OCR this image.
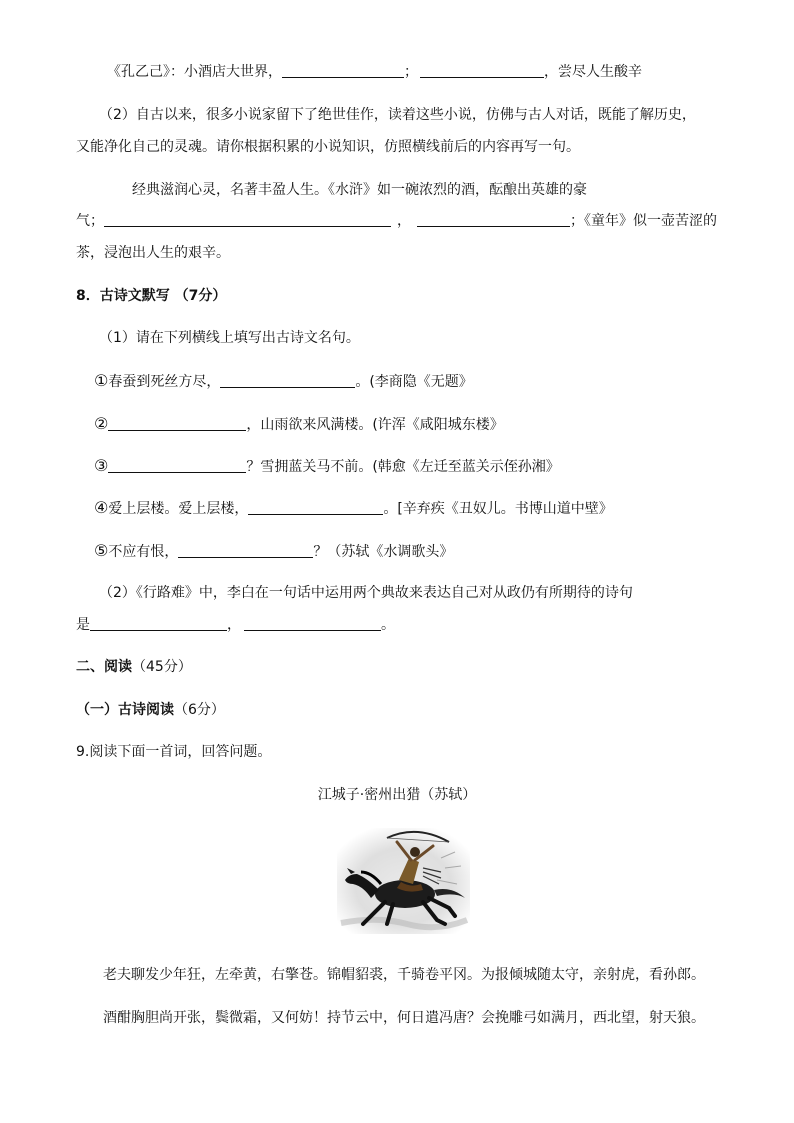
《孔乙己》：小酒店大世界，	；	，尝尽人生酸辛
（2）自古以来，很多小说家留下了绝世佳作，读着这些小说，仿佛与古人对话，既能了解历史，
又能净化自己的灵魂。请你根据积累的小说知识，仿照横线前后的内容再写一句。
经典滋润心灵，名著丰盈人生。《水浒》如一碗浓烈的酒，酝酿出英雄的豪
气；	，	；《童年》似一壶苦涩的
茶，浸泡出人生的艰辛。
8．古诗文默写 （7分）
（1）请在下列横线上填写出古诗文名句。
①春蚕到死丝方尽，	。(李商隐《无题》
②	，山雨欲来风满楼。(许浑《咸阳城东楼》
③	？雪拥蓝关马不前。(韩愈《左迁至蓝关示侄孙湘》
④爱上层楼。爱上层楼，	。[辛弃疾《丑奴儿。书博山道中壁》
⑤不应有恨，	？（苏轼《水调歌头》
（2）《行路难》中，李白在一句话中运用两个典故来表达自己对从政仍有所期待的诗句
是	，	。
二、阅读（45分）
（一）古诗阅读（6分）
9.阅读下面一首词，回答问题。
江城子·密州出猎（苏轼）
老夫聊发少年狂，左牵黄，右擎苍。锦帽貂裘，千骑卷平冈。为报倾城随太守，亲射虎，看孙郎。
酒酣胸胆尚开张，鬓微霜，又何妨！持节云中，何日遣冯唐？会挽雕弓如满月，西北望，射天狼。
